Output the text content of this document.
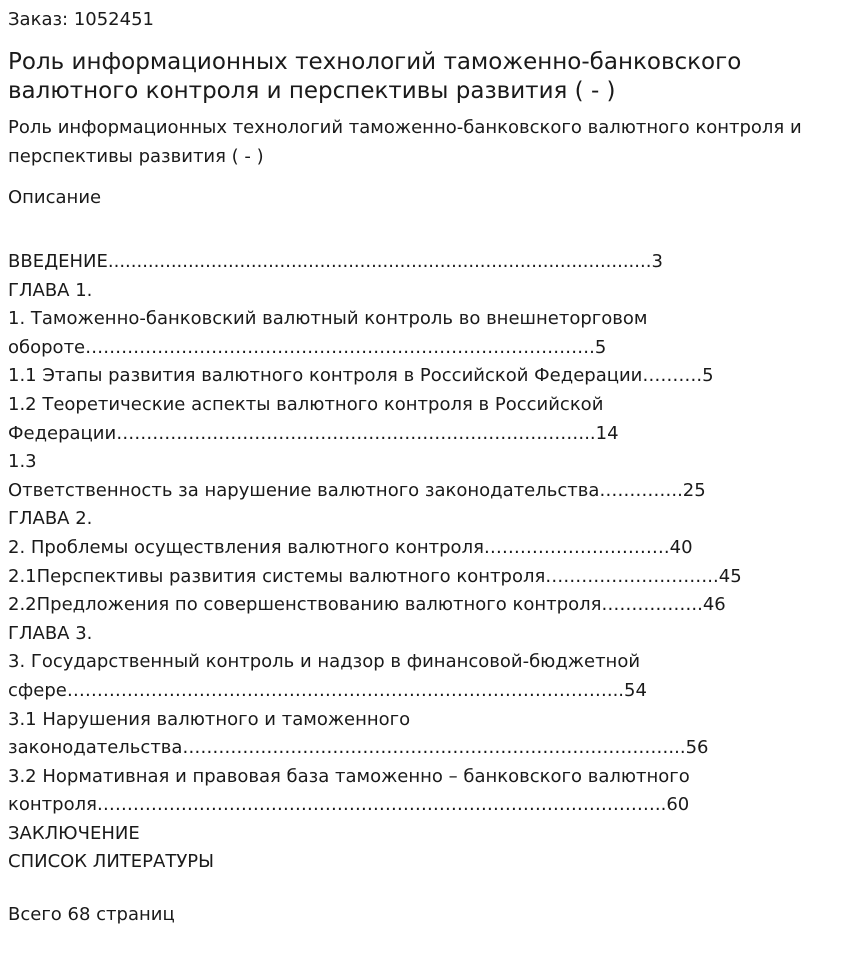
Заказ: 1052451
Роль информационных технологий таможенно-банковского валютного контроля и перспективы развития ( - )

Роль информационных технологий таможенно-банковского валютного контроля и перспективы развития ( - )

Описание
ВВЕДЕНИЕ...............................................................................................3
ГЛАВА 1.
1. Таможенно-банковский валютный контроль во внешнеторговом
обороте………………………………………………………………………….5
1.1 Этапы развития валютного контроля в Российской Федерации……….5
1.2 Теоретические аспекты валютного контроля в Российской
Федерации……………………………………………………………………..14
1.3
Ответственность за нарушение валютного законодательства…………..25
ГЛАВА 2.
2. Проблемы осуществления валютного контроля………………………….40
2.1Перспективы развития системы валютного контроля………………………..45
2.2Предложения по совершенствованию валютного контроля……………..46
ГЛАВА 3.
3. Государственный контроль и надзор в финансовой-бюджетной
сфере………………………………………………………………………………...54
3.1 Нарушения валютного и таможенного
законодательства………………………………………………………………………...56
3.2 Нормативная и правовая база таможенно – банковского валютного
контроля…………………………………………………………………………………..60
ЗАКЛЮЧЕНИЕ
СПИСОК ЛИТЕРАТУРЫ
Всего 68 страниц
